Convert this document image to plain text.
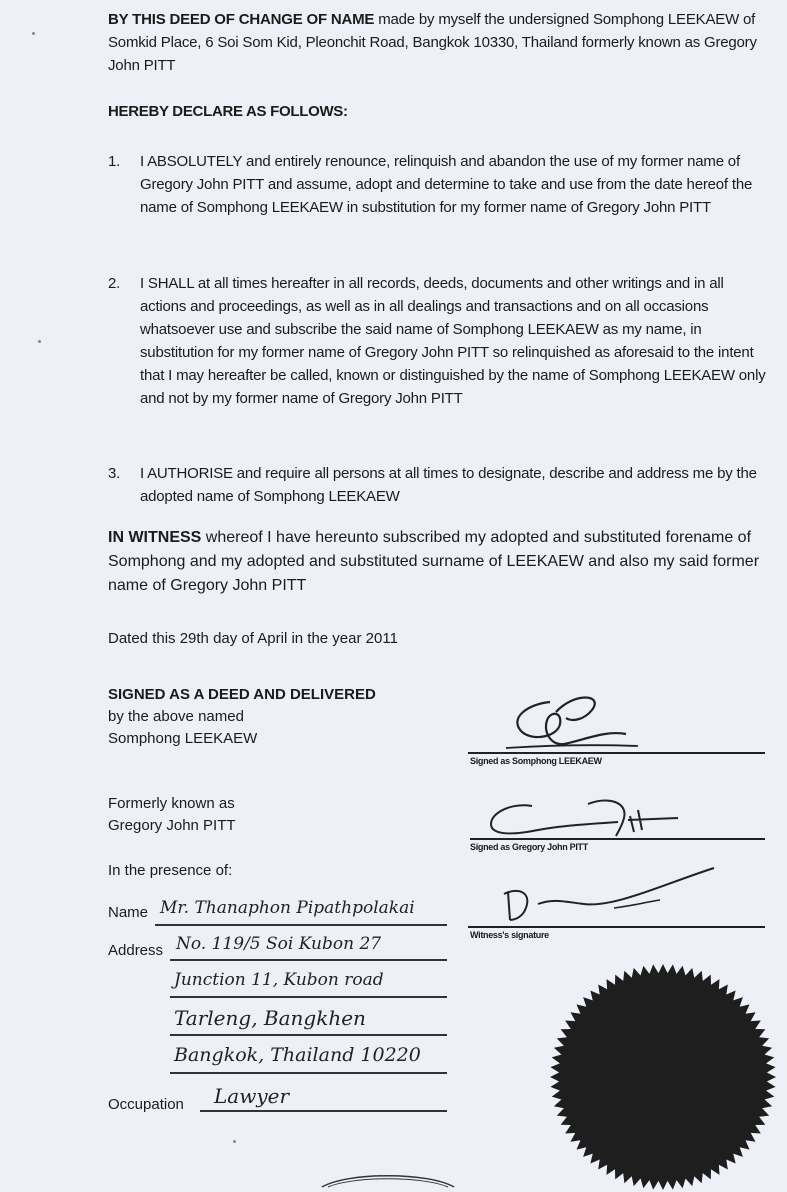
BY THIS DEED OF CHANGE OF NAME made by myself the undersigned Somphong LEEKAEW of Somkid Place, 6 Soi Som Kid, Pleonchit Road, Bangkok 10330, Thailand formerly known as Gregory John PITT
HEREBY DECLARE AS FOLLOWS:
1.	I ABSOLUTELY and entirely renounce, relinquish and abandon the use of my former name of Gregory John PITT and assume, adopt and determine to take and use from the date hereof the name of Somphong LEEKAEW in substitution for my former name of Gregory John PITT
2.	I SHALL at all times hereafter in all records, deeds, documents and other writings and in all actions and proceedings, as well as in all dealings and transactions and on all occasions whatsoever use and subscribe the said name of Somphong LEEKAEW as my name, in substitution for my former name of Gregory John PITT so relinquished as aforesaid to the intent that I may hereafter be called, known or distinguished by the name of Somphong LEEKAEW only and not by my former name of Gregory John PITT
3.	I AUTHORISE and require all persons at all times to designate, describe and address me by the adopted name of Somphong LEEKAEW
IN WITNESS whereof I have hereunto subscribed my adopted and substituted forename of Somphong and my adopted and substituted surname of LEEKAEW and also my said former name of Gregory John PITT
Dated this 29th day of April in the year 2011
SIGNED AS A DEED AND DELIVERED
by the above named
Somphong LEEKAEW
Signed as Somphong LEEKAEW
Formerly known as
Gregory John PITT
Signed as Gregory John PITT
In the presence of:
Witness's signature
Name Mr. Thanaphon Pipathpolakai
Address No. 119/5 Soi Kubon 27
Junction 11, Kubon road
Tarleng, Bangkhen
Bangkok, Thailand 10220
Occupation Lawyer
